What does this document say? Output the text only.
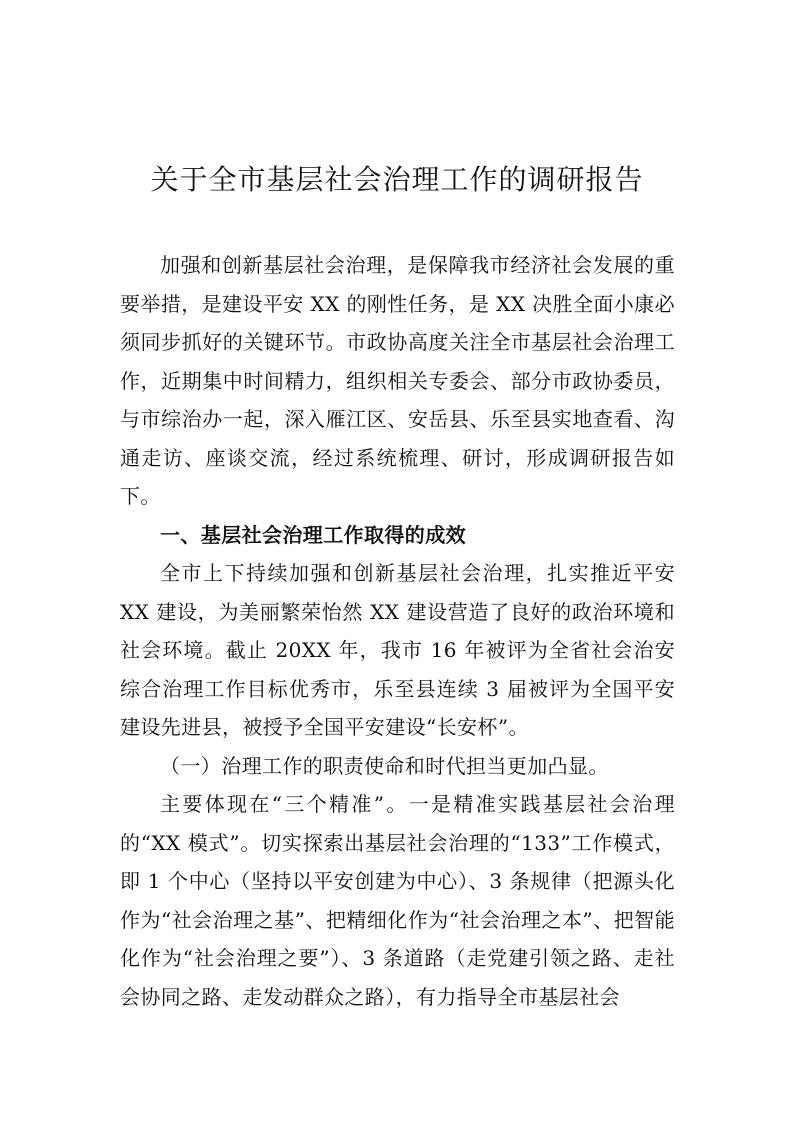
关于全市基层社会治理工作的调研报告

加强和创新基层社会治理，是保障我市经济社会发展的重要举措，是建设平安 XX 的刚性任务，是 XX 决胜全面小康必须同步抓好的关键环节。市政协高度关注全市基层社会治理工作，近期集中时间精力，组织相关专委会、部分市政协委员，与市综治办一起，深入雁江区、安岳县、乐至县实地查看、沟通走访、座谈交流，经过系统梳理、研讨，形成调研报告如下。

一、基层社会治理工作取得的成效

全市上下持续加强和创新基层社会治理，扎实推近平安 XX 建设，为美丽繁荣怡然 XX 建设营造了良好的政治环境和社会环境。截止 20XX 年，我市 16 年被评为全省社会治安综合治理工作目标优秀市，乐至县连续 3 届被评为全国平安建设先进县，被授予全国平安建设“长安杯”。

（一）治理工作的职责使命和时代担当更加凸显。

主要体现在“三个精准”。一是精准实践基层社会治理的“XX 模式”。切实探索出基层社会治理的“133”工作模式，即 1 个中心（坚持以平安创建为中心）、3 条规律（把源头化作为“社会治理之基”、把精细化作为“社会治理之本”、把智能化作为“社会治理之要”）、3 条道路（走党建引领之路、走社会协同之路、走发动群众之路），有力指导全市基层社会
